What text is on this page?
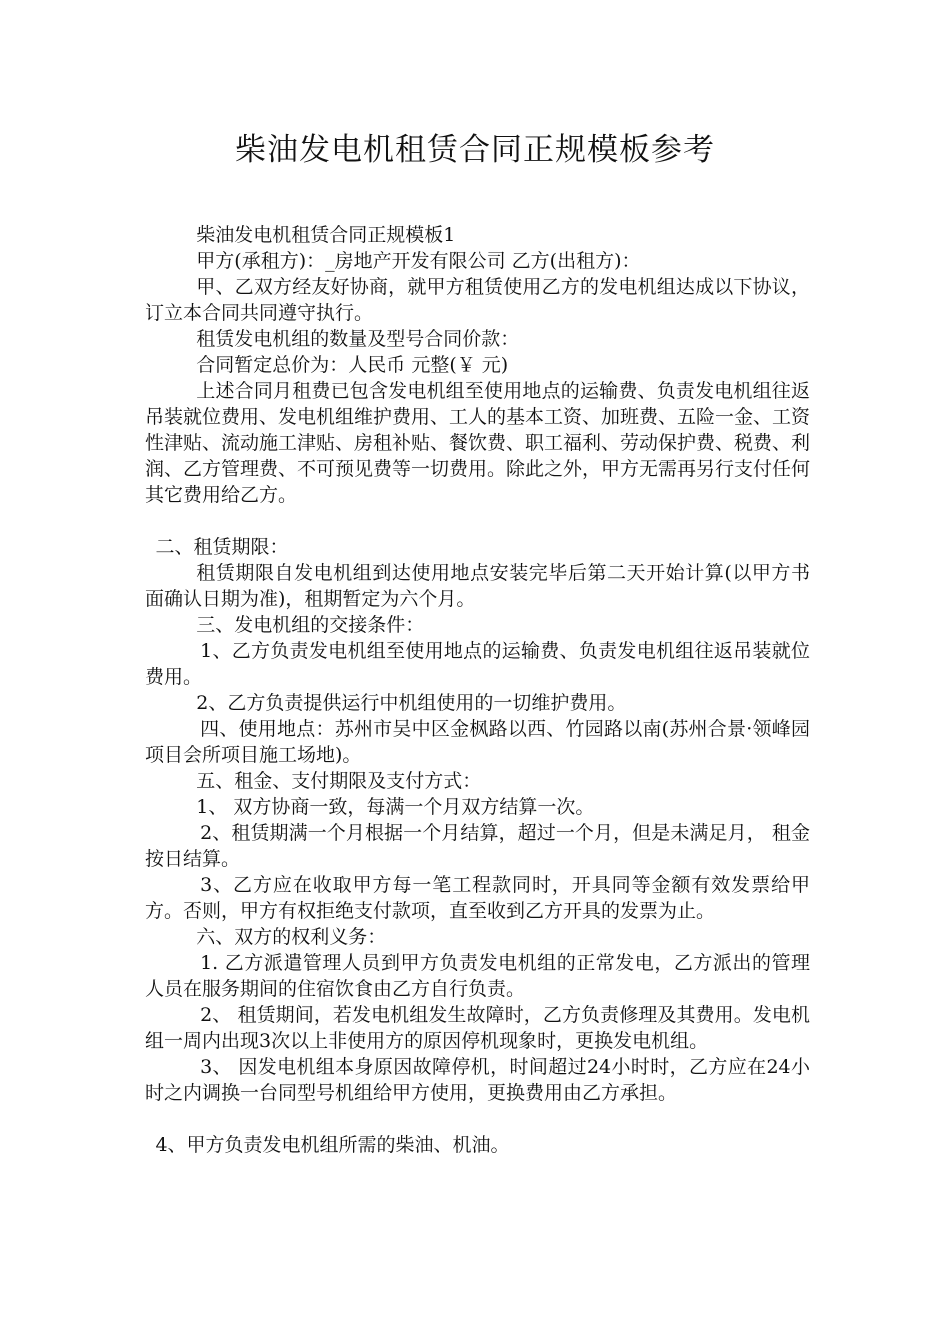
柴油发电机租赁合同正规模板参考

柴油发电机租赁合同正规模板1

甲方(承租方)：_房地产开发有限公司 乙方(出租方)：

甲、乙双方经友好协商，就甲方租赁使用乙方的发电机组达成以下协议，订立本合同共同遵守执行。

租赁发电机组的数量及型号合同价款：

合同暂定总价为：人民币 元整(￥ 元)

上述合同月租费已包含发电机组至使用地点的运输费、负责发电机组往返吊装就位费用、发电机组维护费用、工人的基本工资、加班费、五险一金、工资性津贴、流动施工津贴、房租补贴、餐饮费、职工福利、劳动保护费、税费、利润、乙方管理费、不可预见费等一切费用。除此之外，甲方无需再另行支付任何其它费用给乙方。

二、租赁期限：

租赁期限自发电机组到达使用地点安装完毕后第二天开始计算(以甲方书面确认日期为准)，租期暂定为六个月。

三、发电机组的交接条件：

1、乙方负责发电机组至使用地点的运输费、负责发电机组往返吊装就位费用。

2、乙方负责提供运行中机组使用的一切维护费用。

四、使用地点：苏州市吴中区金枫路以西、竹园路以南(苏州合景·领峰园项目会所项目施工场地)。

五、租金、支付期限及支付方式：

1、 双方协商一致，每满一个月双方结算一次。

2、租赁期满一个月根据一个月结算，超过一个月，但是未满足月， 租金按日结算。

3、乙方应在收取甲方每一笔工程款同时，开具同等金额有效发票给甲方。否则，甲方有权拒绝支付款项，直至收到乙方开具的发票为止。

六、双方的权利义务：

1. 乙方派遣管理人员到甲方负责发电机组的正常发电，乙方派出的管理人员在服务期间的住宿饮食由乙方自行负责。

2、 租赁期间，若发电机组发生故障时，乙方负责修理及其费用。发电机组一周内出现3次以上非使用方的原因停机现象时，更换发电机组。

3、 因发电机组本身原因故障停机，时间超过24小时时，乙方应在24小时之内调换一台同型号机组给甲方使用，更换费用由乙方承担。

4、甲方负责发电机组所需的柴油、机油。
